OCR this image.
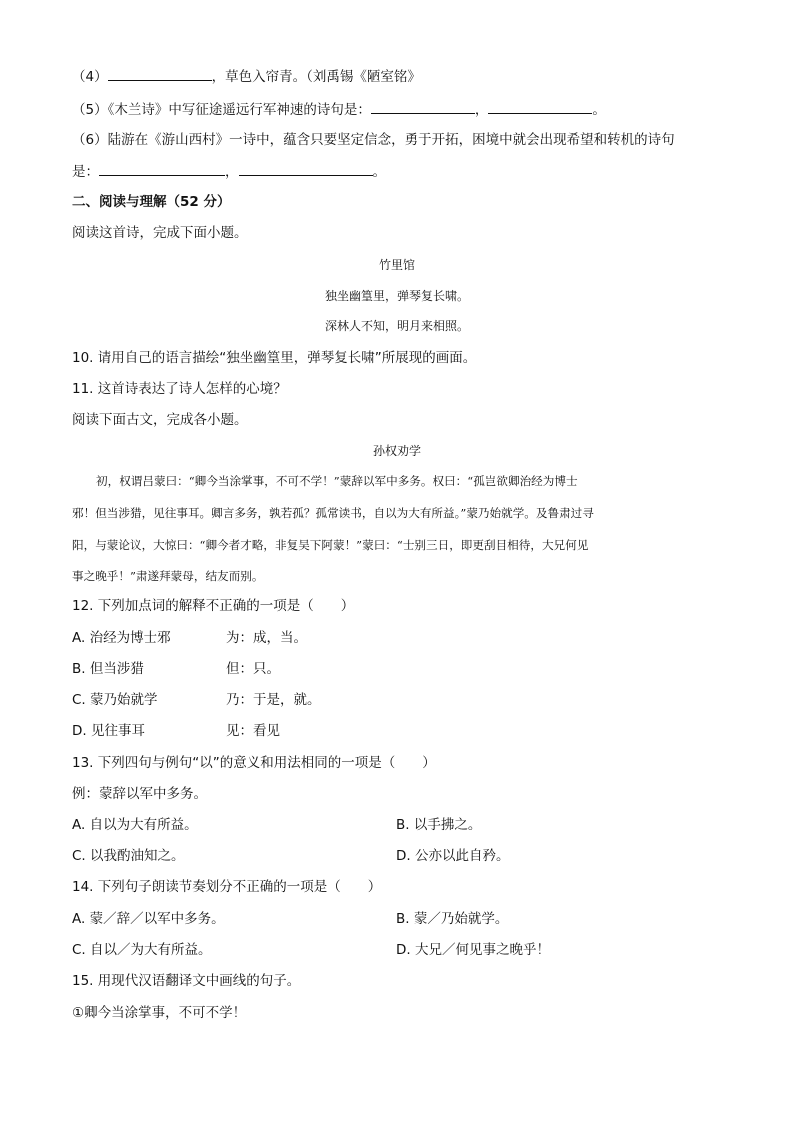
（4）	，草色入帘青。（刘禹锡《陋室铭》
（5）《木兰诗》中写征途遥远行军神速的诗句是：	，	。
（6）陆游在《游山西村》一诗中，蕴含只要坚定信念，勇于开拓，困境中就会出现希望和转机的诗句
是：	，	。
二、阅读与理解（52 分）
阅读这首诗，完成下面小题。
竹里馆
独坐幽篁里，弹琴复长啸。
深林人不知，明月来相照。
10. 请用自己的语言描绘“独坐幽篁里，弹琴复长啸”所展现的画面。
11. 这首诗表达了诗人怎样的心境？
阅读下面古文，完成各小题。
孙权劝学
初，权谓吕蒙曰：“卿今当涂掌事，不可不学！”蒙辞以军中多务。权曰：“孤岂欲卿治经为博士
邪！但当涉猎，见往事耳。卿言多务，孰若孤？孤常读书，自以为大有所益。”蒙乃始就学。及鲁肃过寻
阳，与蒙论议，大惊曰：“卿今者才略，非复吴下阿蒙！”蒙曰：“士别三日，即更刮目相待，大兄何见
事之晚乎！”肃遂拜蒙母，结友而别。
12. 下列加点词的解释不正确的一项是（　　）
A. 治经为博士邪	为：成，当。
B. 但当涉猎	但：只。
C. 蒙乃始就学	乃：于是，就。
D. 见往事耳	见：看见
13. 下列四句与例句“以”的意义和用法相同的一项是（　　）
例：蒙辞以军中多务。
A. 自以为大有所益。	B. 以手拂之。
C. 以我酌油知之。	D. 公亦以此自矜。
14. 下列句子朗读节奏划分不正确的一项是（　　）
A. 蒙／辞／以军中多务。	B. 蒙／乃始就学。
C. 自以／为大有所益。	D. 大兄／何见事之晚乎！
15. 用现代汉语翻译文中画线的句子。
①卿今当涂掌事，不可不学！
